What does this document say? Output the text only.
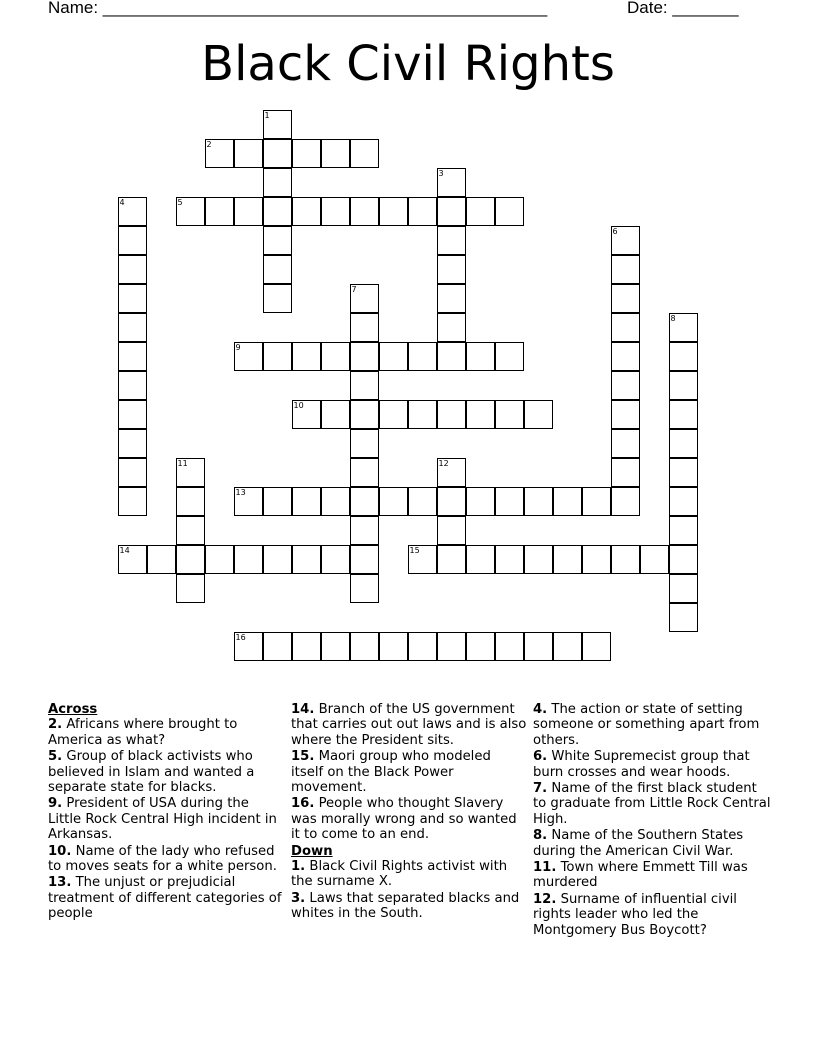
Name: _______________________________________________	Date: _______
Black Civil Rights
1
2
3
4	5
6
7
8
9
10
11	12
13
14	15
16
Across
2. Africans where brought to America as what?
5. Group of black activists who believed in Islam and wanted a separate state for blacks.
9. President of USA during the Little Rock Central High incident in Arkansas.
10. Name of the lady who refused to moves seats for a white person.
13. The unjust or prejudicial treatment of different categories of people
14. Branch of the US government that carries out out laws and is also where the President sits.
15. Maori group who modeled itself on the Black Power movement.
16. People who thought Slavery was morally wrong and so wanted it to come to an end.
Down
1. Black Civil Rights activist with the surname X.
3. Laws that separated blacks and whites in the South.
4. The action or state of setting someone or something apart from others.
6. White Supremecist group that burn crosses and wear hoods.
7. Name of the first black student to graduate from Little Rock Central High.
8. Name of the Southern States during the American Civil War.
11. Town where Emmett Till was murdered
12. Surname of influential civil rights leader who led the Montgomery Bus Boycott?
